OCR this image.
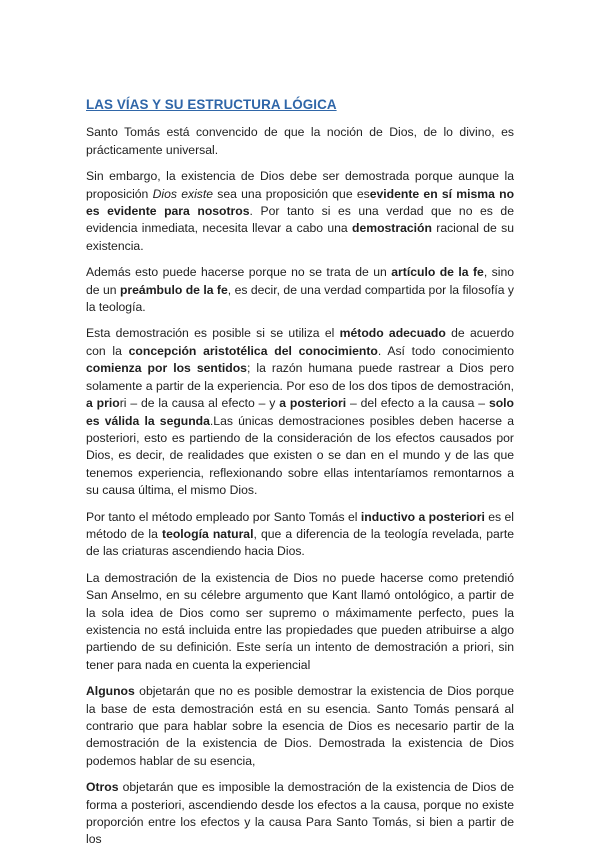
LAS VÍAS Y SU ESTRUCTURA LÓGICA

Santo Tomás está convencido de que la noción de Dios, de lo divino, es prácticamente universal.

Sin embargo, la existencia de Dios debe ser demostrada porque aunque la proposición Dios existe sea una proposición que esevidente en sí misma no es evidente para nosotros. Por tanto si es una verdad que no es de evidencia inmediata, necesita llevar a cabo una demostración racional de su existencia.

Además esto puede hacerse porque no se trata de un artículo de la fe, sino de un preámbulo de la fe, es decir, de una verdad compartida por la filosofía y la teología.

Esta demostración es posible si se utiliza el método adecuado de acuerdo con la concepción aristotélica del conocimiento. Así todo conocimiento comienza por los sentidos; la razón humana puede rastrear a Dios pero solamente a partir de la experiencia. Por eso de los dos tipos de demostración, a priori – de la causa al efecto – y a posteriori – del efecto a la causa – solo es válida la segunda.Las únicas demostraciones posibles deben hacerse a posteriori, esto es partiendo de la consideración de los efectos causados por Dios, es decir, de realidades que existen o se dan en el mundo y de las que tenemos experiencia, reflexionando sobre ellas intentaríamos remontarnos a su causa última, el mismo Dios.

Por tanto el método empleado por Santo Tomás el inductivo a posteriori es el método de la teología natural, que a diferencia de la teología revelada, parte de las criaturas ascendiendo hacia Dios.

La demostración de la existencia de Dios no puede hacerse como pretendió San Anselmo, en su célebre argumento que Kant llamó ontológico, a partir de la sola idea de Dios como ser supremo o máximamente perfecto, pues la existencia no está incluida entre las propiedades que pueden atribuirse a algo partiendo de su definición. Este sería un intento de demostración a priori, sin tener para nada en cuenta la experiencial

Algunos objetarán que no es posible demostrar la existencia de Dios porque la base de esta demostración está en su esencia. Santo Tomás pensará al contrario que para hablar sobre la esencia de Dios es necesario partir de la demostración de la existencia de Dios. Demostrada la existencia de Dios podemos hablar de su esencia,

Otros objetarán que es imposible la demostración de la existencia de Dios de forma a posteriori, ascendiendo desde los efectos a la causa, porque no existe proporción entre los efectos y la causa Para Santo Tomás, si bien a partir de los
